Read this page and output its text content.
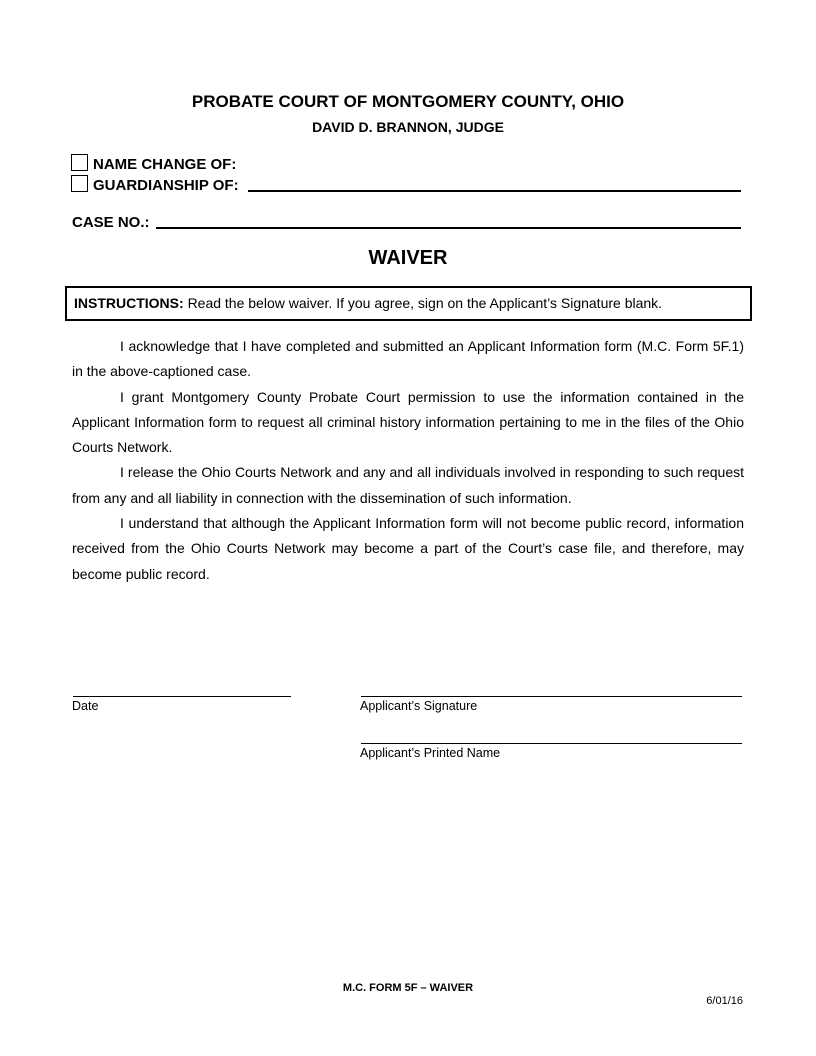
PROBATE COURT OF MONTGOMERY COUNTY, OHIO
DAVID D. BRANNON, JUDGE
NAME CHANGE OF:
GUARDIANSHIP OF:
CASE NO.:
WAIVER
INSTRUCTIONS: Read the below waiver. If you agree, sign on the Applicant’s Signature blank.

I acknowledge that I have completed and submitted an Applicant Information form (M.C. Form 5F.1) in the above-captioned case.

I grant Montgomery County Probate Court permission to use the information contained in the Applicant Information form to request all criminal history information pertaining to me in the files of the Ohio Courts Network.

I release the Ohio Courts Network and any and all individuals involved in responding to such request from any and all liability in connection with the dissemination of such information.

I understand that although the Applicant Information form will not become public record, information received from the Ohio Courts Network may become a part of the Court’s case file, and therefore, may become public record.

Date	Applicant’s Signature
Applicant’s Printed Name
M.C. FORM 5F – WAIVER
6/01/16
